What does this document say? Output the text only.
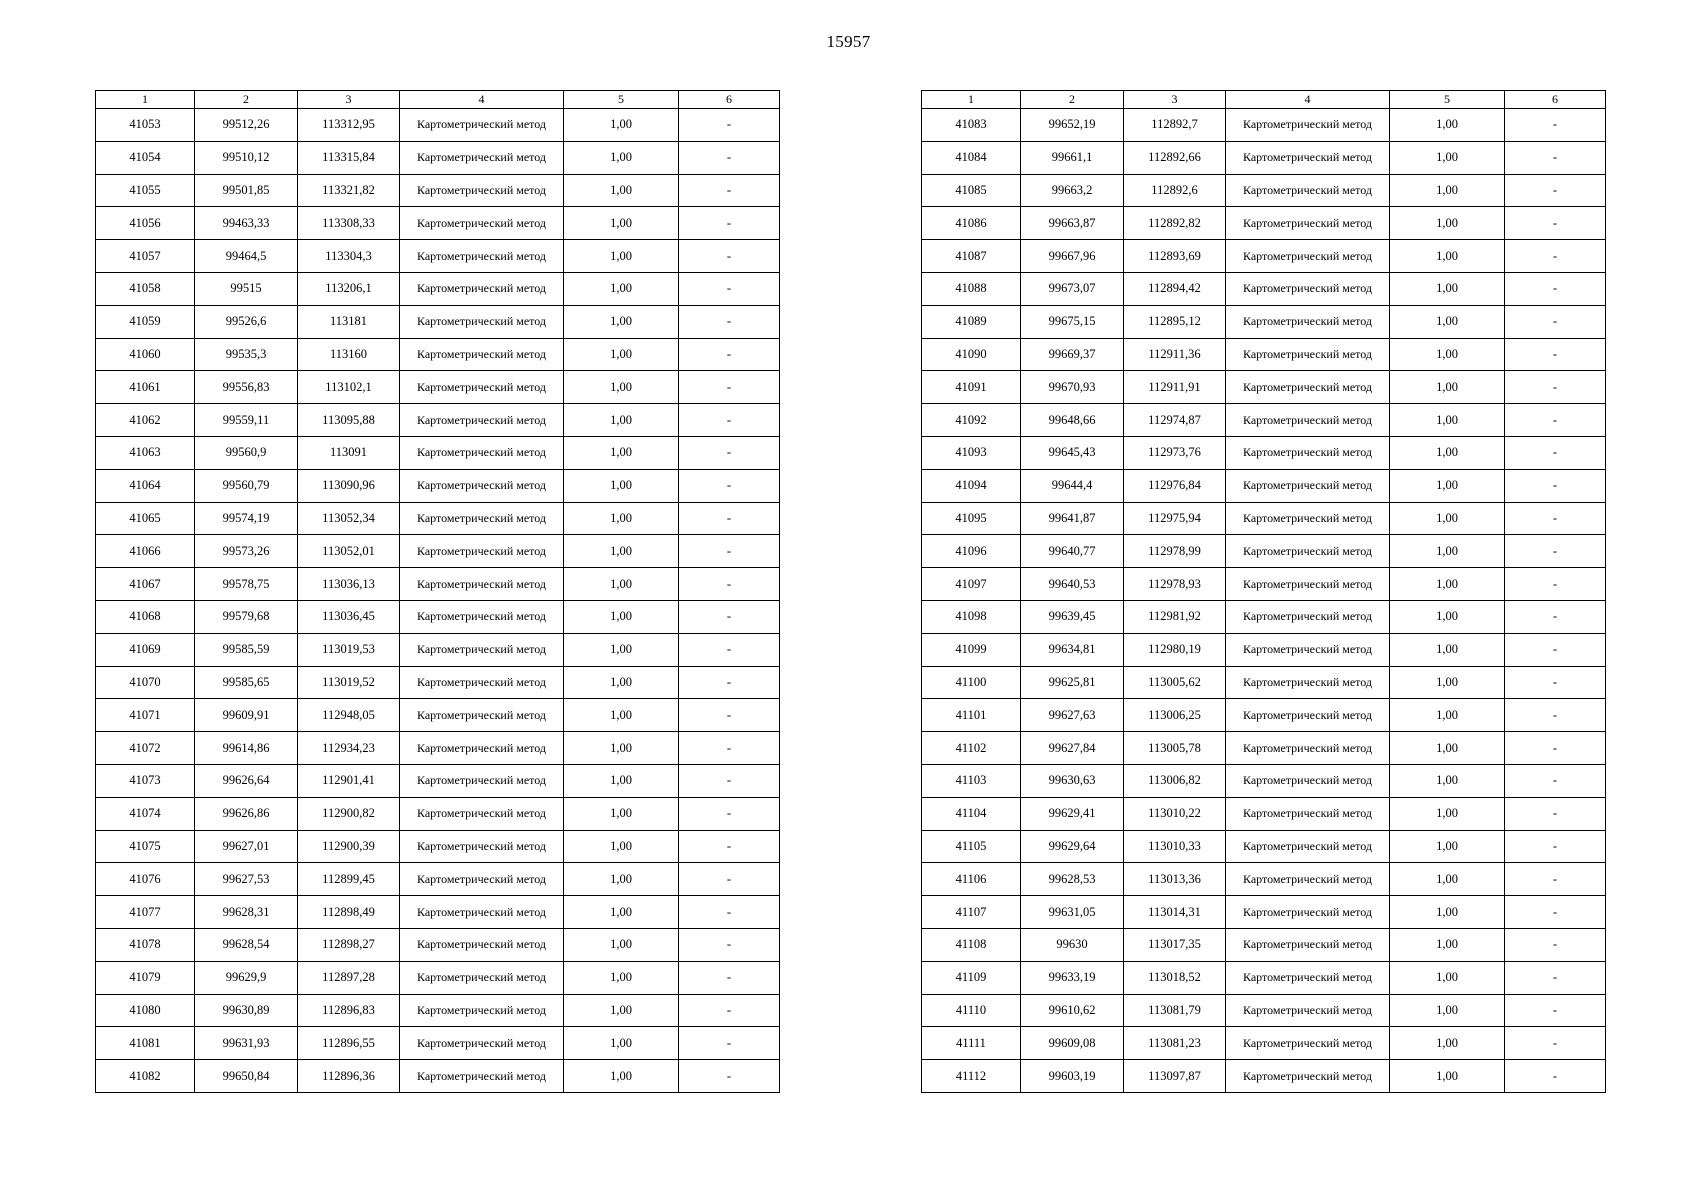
15957
1	2	3	4	5	6
41053	99512,26	113312,95	Картометрический метод	1,00	-
41054	99510,12	113315,84	Картометрический метод	1,00	-
41055	99501,85	113321,82	Картометрический метод	1,00	-
41056	99463,33	113308,33	Картометрический метод	1,00	-
41057	99464,5	113304,3	Картометрический метод	1,00	-
41058	99515	113206,1	Картометрический метод	1,00	-
41059	99526,6	113181	Картометрический метод	1,00	-
41060	99535,3	113160	Картометрический метод	1,00	-
41061	99556,83	113102,1	Картометрический метод	1,00	-
41062	99559,11	113095,88	Картометрический метод	1,00	-
41063	99560,9	113091	Картометрический метод	1,00	-
41064	99560,79	113090,96	Картометрический метод	1,00	-
41065	99574,19	113052,34	Картометрический метод	1,00	-
41066	99573,26	113052,01	Картометрический метод	1,00	-
41067	99578,75	113036,13	Картометрический метод	1,00	-
41068	99579,68	113036,45	Картометрический метод	1,00	-
41069	99585,59	113019,53	Картометрический метод	1,00	-
41070	99585,65	113019,52	Картометрический метод	1,00	-
41071	99609,91	112948,05	Картометрический метод	1,00	-
41072	99614,86	112934,23	Картометрический метод	1,00	-
41073	99626,64	112901,41	Картометрический метод	1,00	-
41074	99626,86	112900,82	Картометрический метод	1,00	-
41075	99627,01	112900,39	Картометрический метод	1,00	-
41076	99627,53	112899,45	Картометрический метод	1,00	-
41077	99628,31	112898,49	Картометрический метод	1,00	-
41078	99628,54	112898,27	Картометрический метод	1,00	-
41079	99629,9	112897,28	Картометрический метод	1,00	-
41080	99630,89	112896,83	Картометрический метод	1,00	-
41081	99631,93	112896,55	Картометрический метод	1,00	-
41082	99650,84	112896,36	Картометрический метод	1,00	-
1	2	3	4	5	6
41083	99652,19	112892,7	Картометрический метод	1,00	-
41084	99661,1	112892,66	Картометрический метод	1,00	-
41085	99663,2	112892,6	Картометрический метод	1,00	-
41086	99663,87	112892,82	Картометрический метод	1,00	-
41087	99667,96	112893,69	Картометрический метод	1,00	-
41088	99673,07	112894,42	Картометрический метод	1,00	-
41089	99675,15	112895,12	Картометрический метод	1,00	-
41090	99669,37	112911,36	Картометрический метод	1,00	-
41091	99670,93	112911,91	Картометрический метод	1,00	-
41092	99648,66	112974,87	Картометрический метод	1,00	-
41093	99645,43	112973,76	Картометрический метод	1,00	-
41094	99644,4	112976,84	Картометрический метод	1,00	-
41095	99641,87	112975,94	Картометрический метод	1,00	-
41096	99640,77	112978,99	Картометрический метод	1,00	-
41097	99640,53	112978,93	Картометрический метод	1,00	-
41098	99639,45	112981,92	Картометрический метод	1,00	-
41099	99634,81	112980,19	Картометрический метод	1,00	-
41100	99625,81	113005,62	Картометрический метод	1,00	-
41101	99627,63	113006,25	Картометрический метод	1,00	-
41102	99627,84	113005,78	Картометрический метод	1,00	-
41103	99630,63	113006,82	Картометрический метод	1,00	-
41104	99629,41	113010,22	Картометрический метод	1,00	-
41105	99629,64	113010,33	Картометрический метод	1,00	-
41106	99628,53	113013,36	Картометрический метод	1,00	-
41107	99631,05	113014,31	Картометрический метод	1,00	-
41108	99630	113017,35	Картометрический метод	1,00	-
41109	99633,19	113018,52	Картометрический метод	1,00	-
41110	99610,62	113081,79	Картометрический метод	1,00	-
41111	99609,08	113081,23	Картометрический метод	1,00	-
41112	99603,19	113097,87	Картометрический метод	1,00	-
